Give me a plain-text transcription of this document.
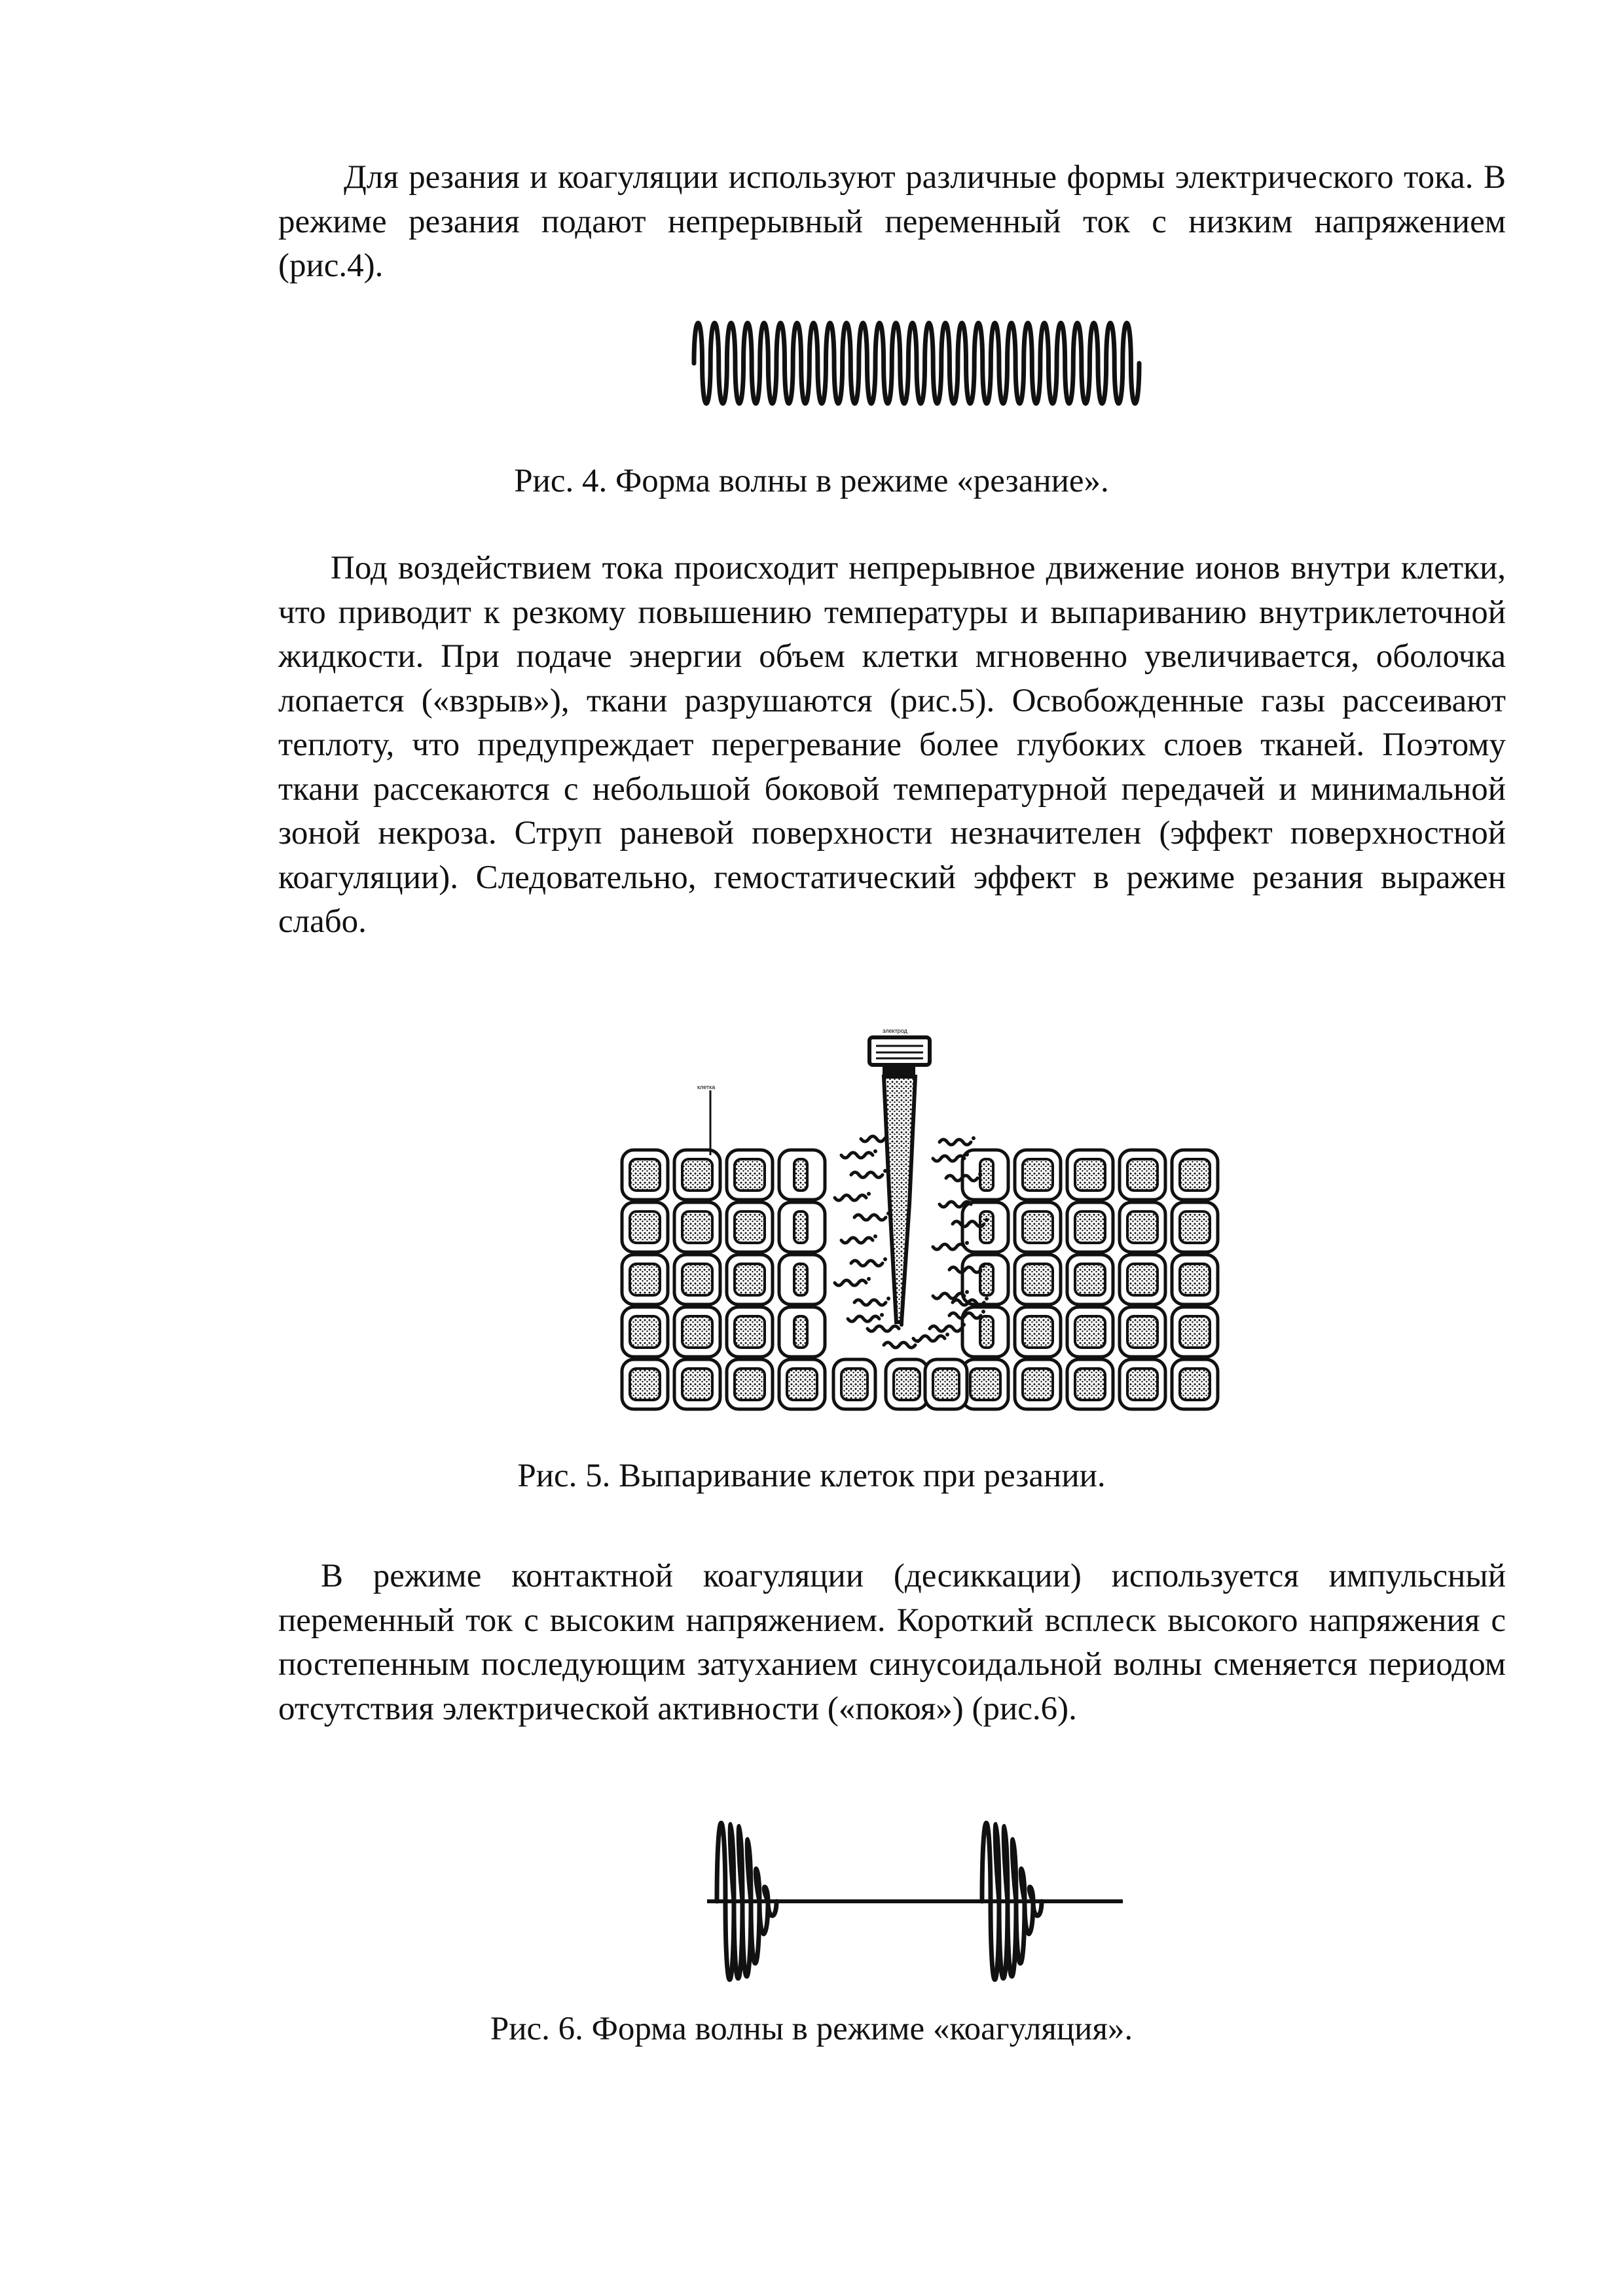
Для резания и коагуляции используют различные формы электрического тока. В режиме резания подают непрерывный переменный ток с низким напряжением (рис.4).

Рис. 4. Форма волны в режиме «резание».

Под воздействием тока происходит непрерывное движение ионов внутри клетки, что приводит к резкому повышению температуры и выпариванию внутриклеточной жидкости. При подаче энергии объем клетки мгновенно увеличивается, оболочка лопается («взрыв»), ткани разрушаются (рис.5). Освобожденные газы рассеивают теплоту, что предупреждает перегревание более глубоких слоев тканей. Поэтому ткани рассекаются с небольшой боковой температурной передачей и минимальной зоной некроза. Струп раневой поверхности незначителен (эффект поверхностной коагуляции). Следовательно, гемостатический эффект в режиме резания выражен слабо.

клетка
электрод

Рис. 5. Выпаривание клеток при резании.

В режиме контактной коагуляции (десиккации) используется импульсный переменный ток с высоким напряжением. Короткий всплеск высокого напряжения с постепенным последующим затуханием синусоидальной волны сменяется периодом отсутствия электрической активности («покоя») (рис.6).

Рис. 6. Форма волны в режиме «коагуляция».
